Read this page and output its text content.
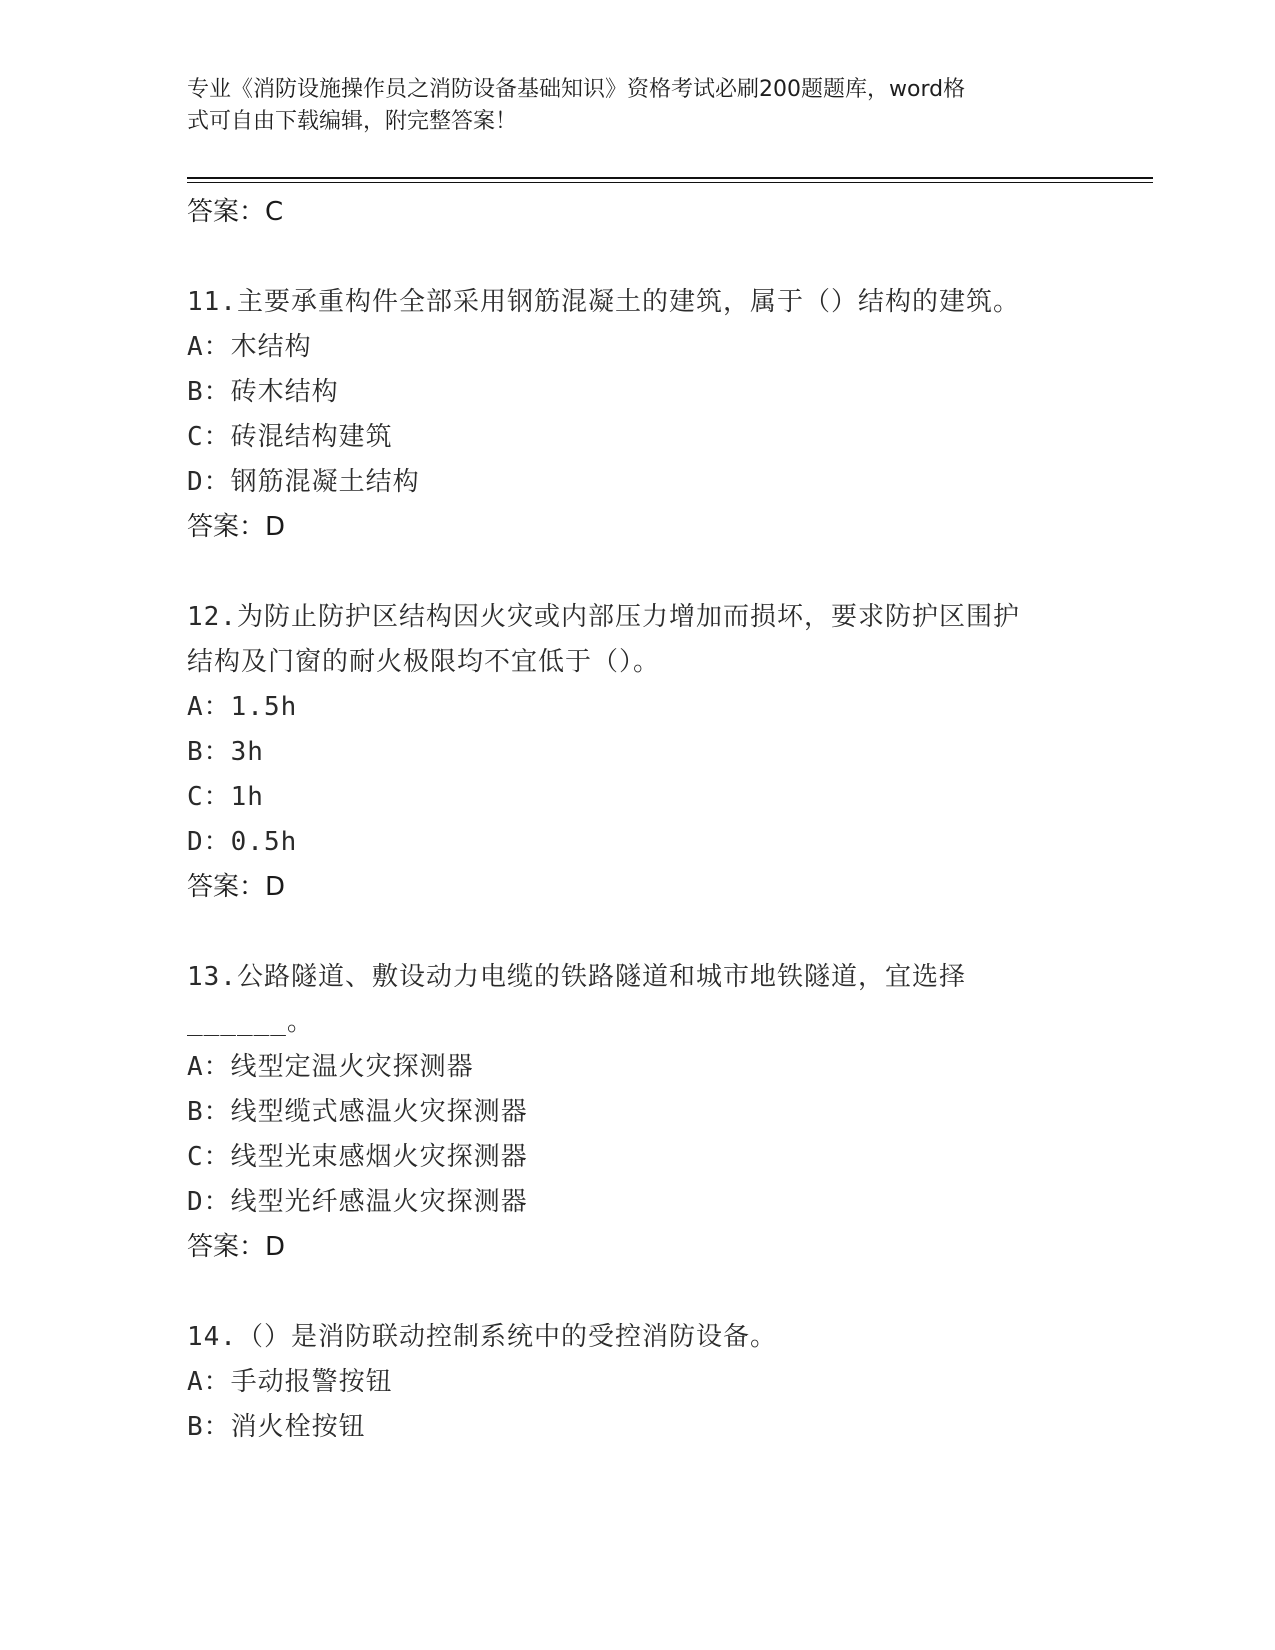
专业《消防设施操作员之消防设备基础知识》资格考试必刷200题题库，word格
式可自由下载编辑，附完整答案！
答案：C
11.主要承重构件全部采用钢筋混凝土的建筑，属于（）结构的建筑。
A：木结构
B：砖木结构
C：砖混结构建筑
D：钢筋混凝土结构
答案：D
12.为防止防护区结构因火灾或内部压力增加而损坏，要求防护区围护
结构及门窗的耐火极限均不宜低于（）。
A：1.5h
B：3h
C：1h
D：0.5h
答案：D
13.公路隧道、敷设动力电缆的铁路隧道和城市地铁隧道，宜选择
______。
A：线型定温火灾探测器
B：线型缆式感温火灾探测器
C：线型光束感烟火灾探测器
D：线型光纤感温火灾探测器
答案：D
14.（）是消防联动控制系统中的受控消防设备。
A：手动报警按钮
B：消火栓按钮
